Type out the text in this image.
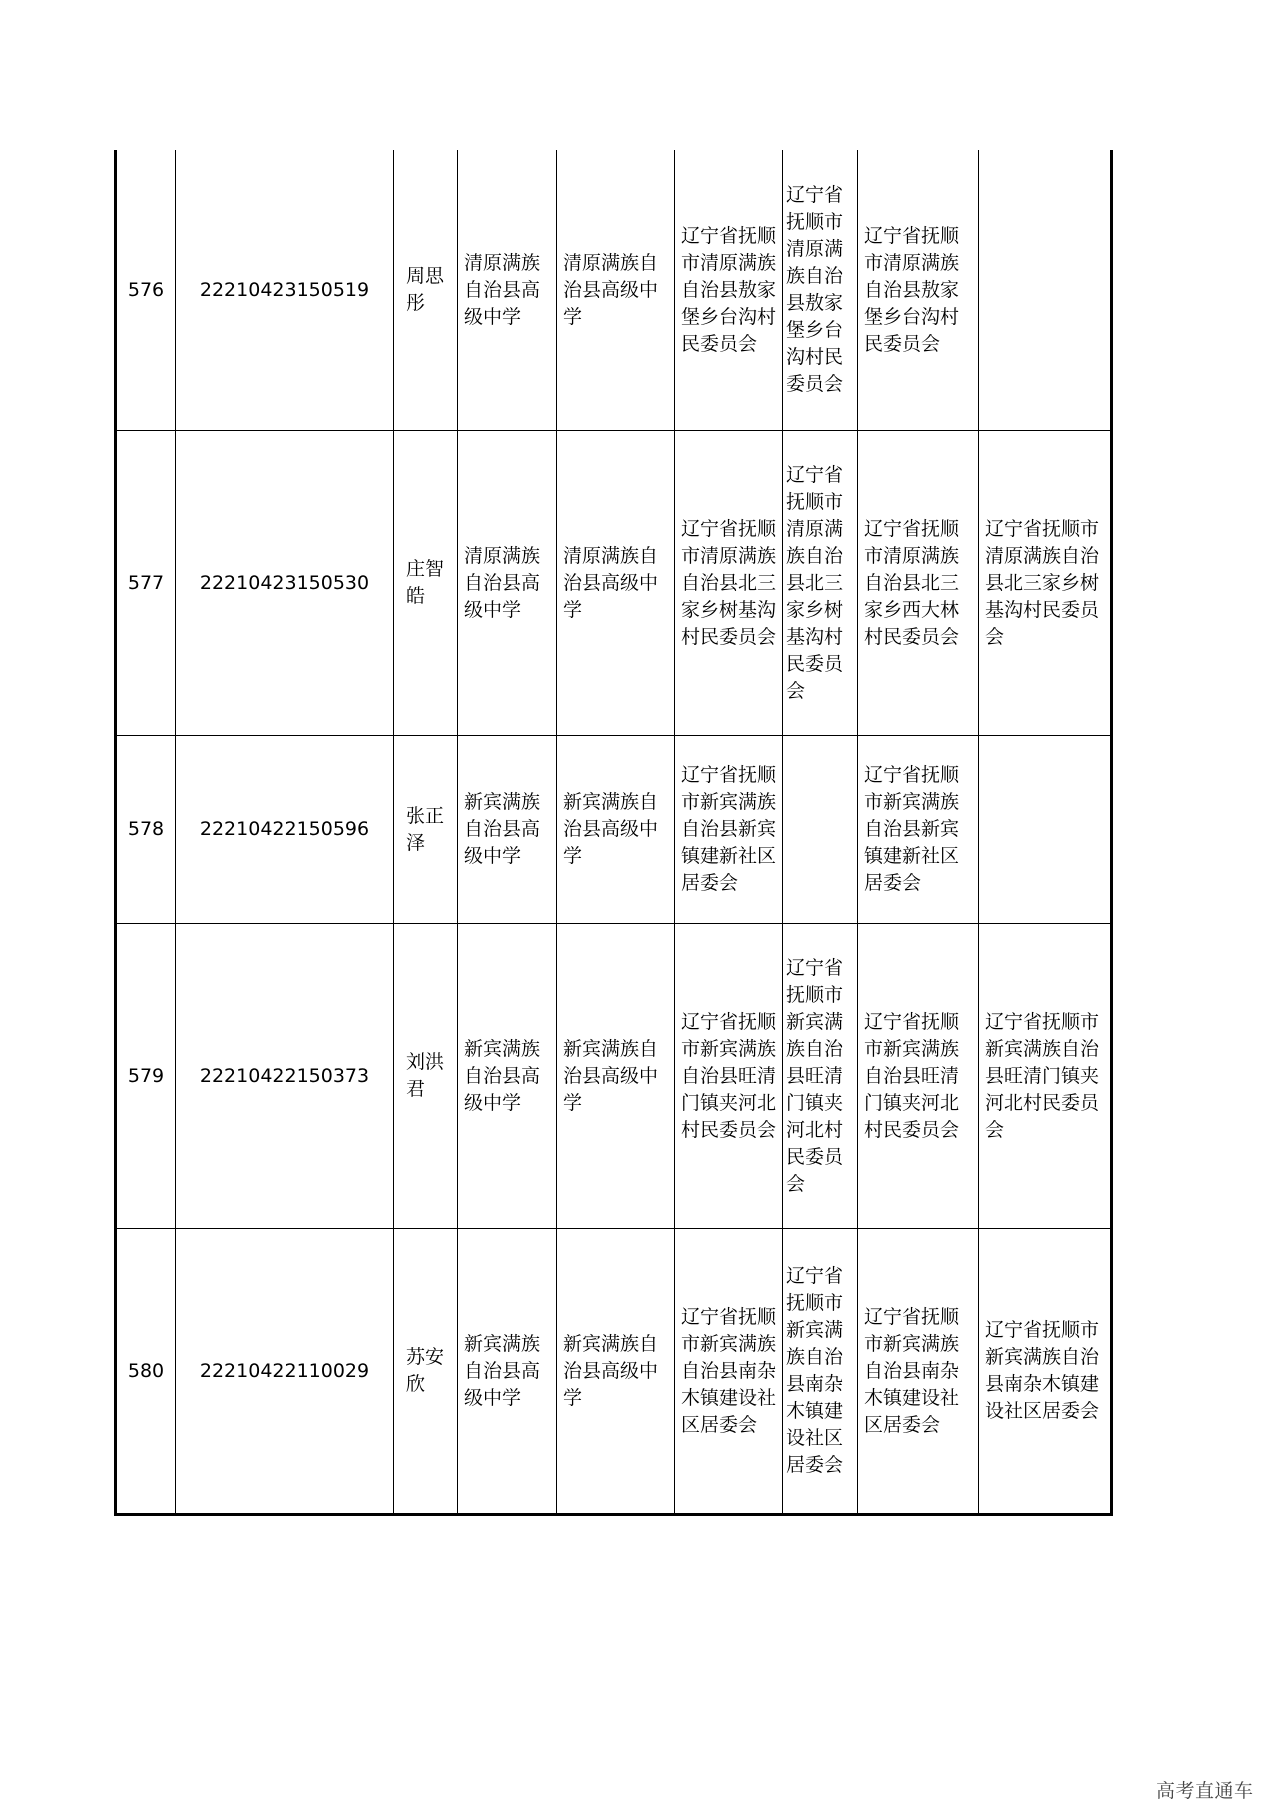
576	22210423150519	周思彤	清原满族自治县高级中学	清原满族自治县高级中学	辽宁省抚顺市清原满族自治县敖家堡乡台沟村民委员会	辽宁省抚顺市清原满族自治县敖家堡乡台沟村民委员会	辽宁省抚顺市清原满族自治县敖家堡乡台沟村民委员会	
577	22210423150530	庄智皓	清原满族自治县高级中学	清原满族自治县高级中学	辽宁省抚顺市清原满族自治县北三家乡树基沟村民委员会	辽宁省抚顺市清原满族自治县北三家乡树基沟村民委员会	辽宁省抚顺市清原满族自治县北三家乡西大林村民委员会	辽宁省抚顺市清原满族自治县北三家乡树基沟村民委员会
578	22210422150596	张正泽	新宾满族自治县高级中学	新宾满族自治县高级中学	辽宁省抚顺市新宾满族自治县新宾镇建新社区居委会		辽宁省抚顺市新宾满族自治县新宾镇建新社区居委会	
579	22210422150373	刘洪君	新宾满族自治县高级中学	新宾满族自治县高级中学	辽宁省抚顺市新宾满族自治县旺清门镇夹河北村民委员会	辽宁省抚顺市新宾满族自治县旺清门镇夹河北村民委员会	辽宁省抚顺市新宾满族自治县旺清门镇夹河北村民委员会	辽宁省抚顺市新宾满族自治县旺清门镇夹河北村民委员会
580	22210422110029	苏安欣	新宾满族自治县高级中学	新宾满族自治县高级中学	辽宁省抚顺市新宾满族自治县南杂木镇建设社区居委会	辽宁省抚顺市新宾满族自治县南杂木镇建设社区居委会	辽宁省抚顺市新宾满族自治县南杂木镇建设社区居委会	辽宁省抚顺市新宾满族自治县南杂木镇建设社区居委会
高考直通车
